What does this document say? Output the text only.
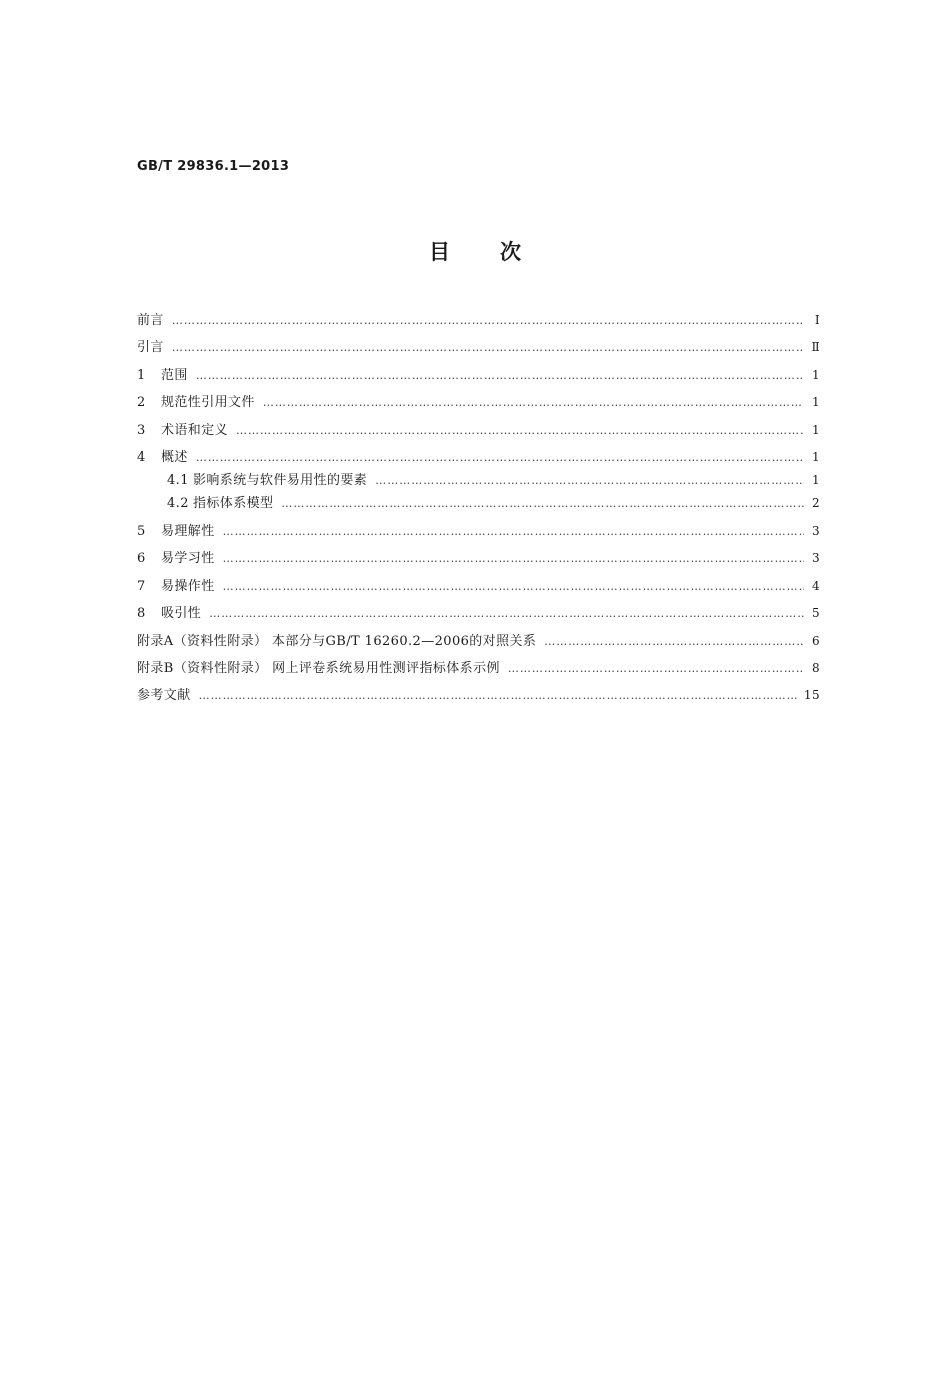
GB/T 29836.1—2013
目次
前言 …………………………………………………………………………………………………………………………………………………………	Ⅰ
引言 …………………………………………………………………………………………………………………………………………………………	Ⅱ
1	范围 …………………………………………………………………………………………………………………………………………………………	1
2	规范性引用文件 …………………………………………………………………………………………………………………………………………………………	1
3	术语和定义 …………………………………………………………………………………………………………………………………………………………	1
4	概述 …………………………………………………………………………………………………………………………………………………………	1
4.1 影响系统与软件易用性的要素 …………………………………………………………………………………………………………………………………………………………	1
4.2 指标体系模型 …………………………………………………………………………………………………………………………………………………………	2
5	易理解性 …………………………………………………………………………………………………………………………………………………………	3
6	易学习性 …………………………………………………………………………………………………………………………………………………………	3
7	易操作性 …………………………………………………………………………………………………………………………………………………………	4
8	吸引性 …………………………………………………………………………………………………………………………………………………………	5
附录A（资料性附录） 本部分与GB/T 16260.2—2006的对照关系 …………………………………………………………………………………………………………………………………………………………	6
附录B（资料性附录） 网上评卷系统易用性测评指标体系示例 …………………………………………………………………………………………………………………………………………………………	8
参考文献 …………………………………………………………………………………………………………………………………………………………	15
